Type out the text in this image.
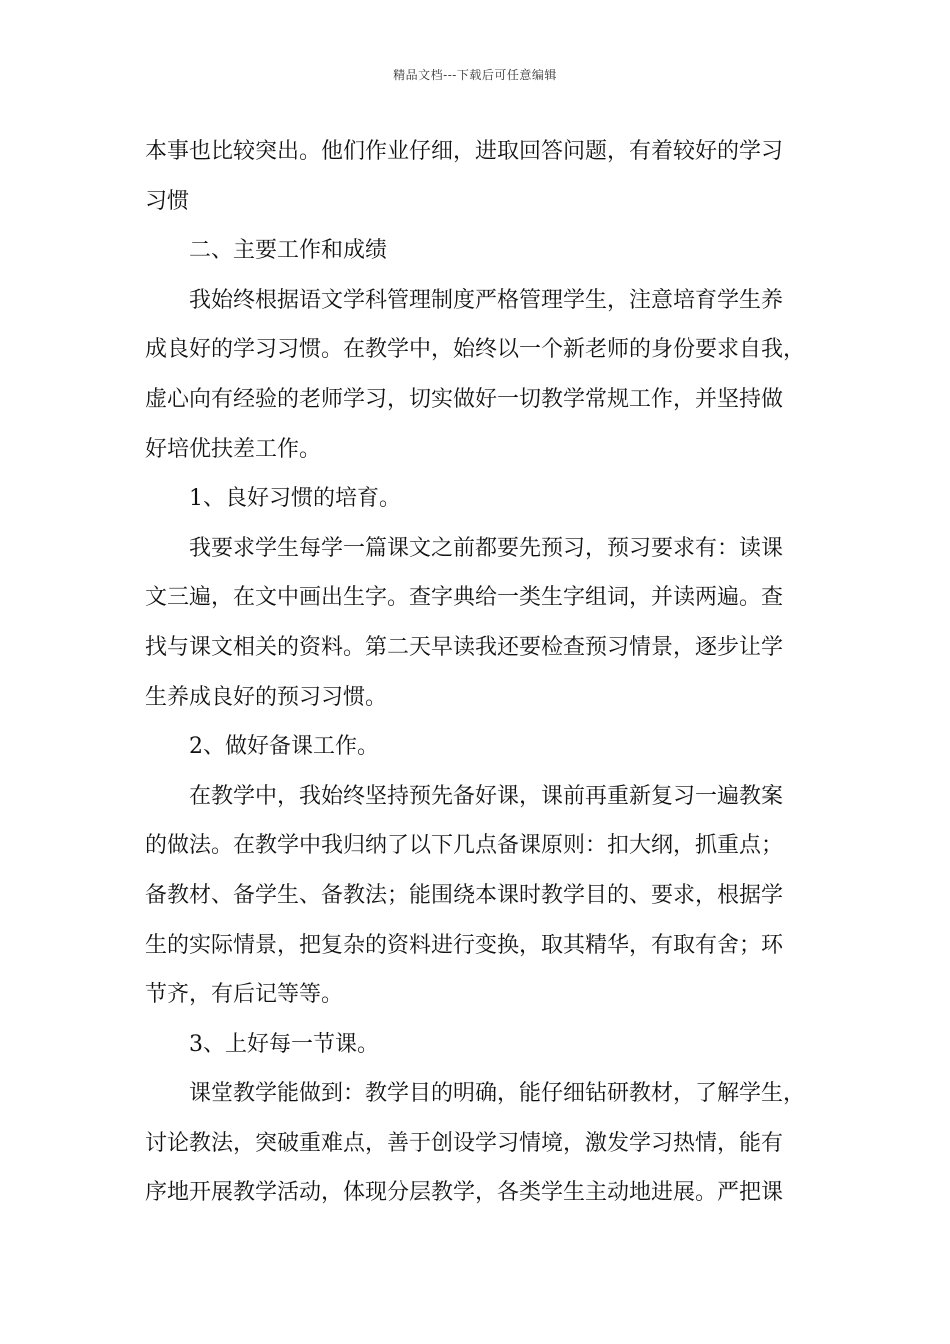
精品文档---下载后可任意编辑
本事也比较突出。他们作业仔细，进取回答问题，有着较好的学习
习惯
二、主要工作和成绩
我始终根据语文学科管理制度严格管理学生，注意培育学生养
成良好的学习习惯。在教学中，始终以一个新老师的身份要求自我，
虚心向有经验的老师学习，切实做好一切教学常规工作，并坚持做
好培优扶差工作。
1、良好习惯的培育。
我要求学生每学一篇课文之前都要先预习，预习要求有：读课
文三遍，在文中画出生字。查字典给一类生字组词，并读两遍。查
找与课文相关的资料。第二天早读我还要检查预习情景，逐步让学
生养成良好的预习习惯。
2、做好备课工作。
在教学中，我始终坚持预先备好课，课前再重新复习一遍教案
的做法。在教学中我归纳了以下几点备课原则：扣大纲，抓重点；
备教材、备学生、备教法；能围绕本课时教学目的、要求，根据学
生的实际情景，把复杂的资料进行变换，取其精华，有取有舍；环
节齐，有后记等等。
3、上好每一节课。
课堂教学能做到：教学目的明确，能仔细钻研教材，了解学生，
讨论教法，突破重难点，善于创设学习情境，激发学习热情，能有
序地开展教学活动，体现分层教学，各类学生主动地进展。严把课
